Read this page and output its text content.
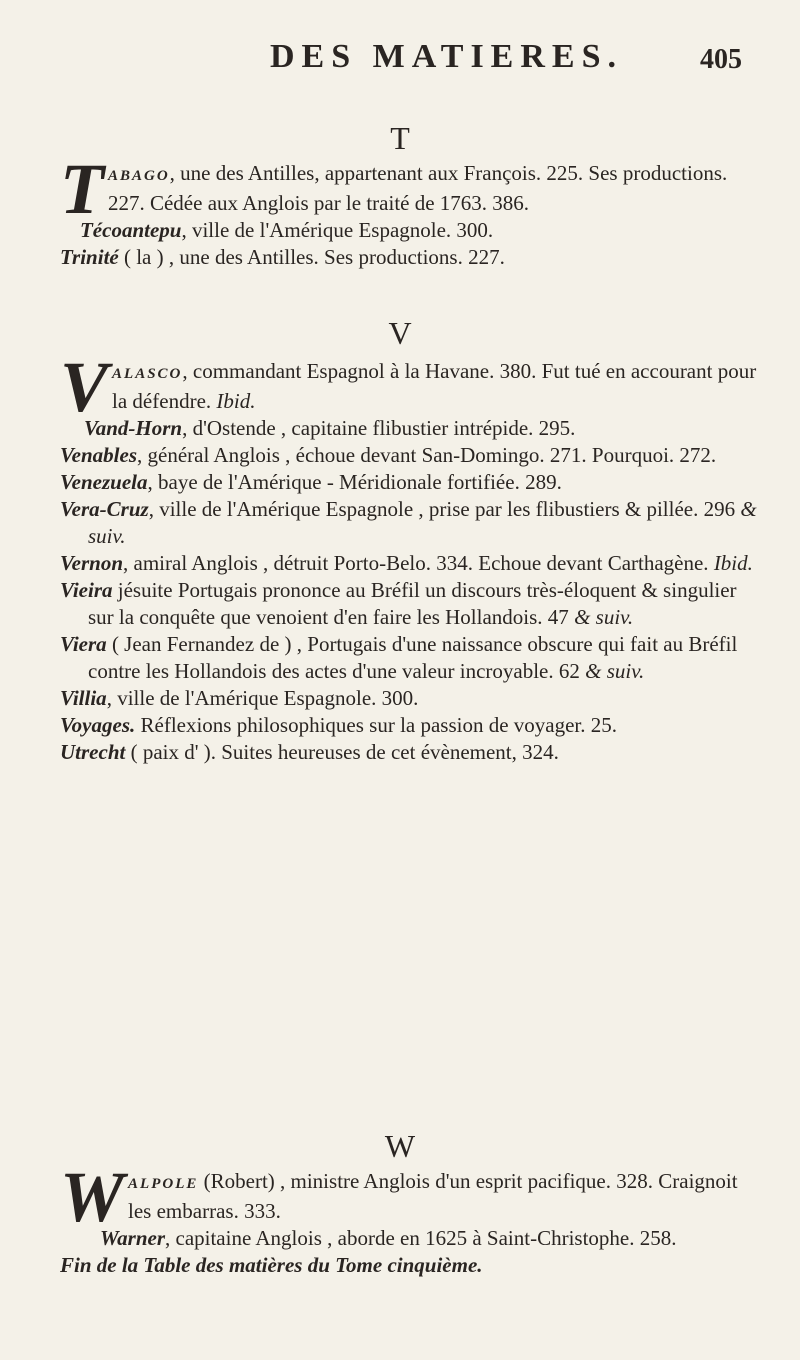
DES MATIERES.	405
T

TABAGO, une des Antilles, appartenant aux François. 225. Ses productions. 227. Cédée aux Anglois par le traité de 1763. 386.

Técoantepu, ville de l'Amérique Espagnole. 300.

Trinité ( la ) , une des Antilles. Ses productions. 227.

V

VALASCO, commandant Espagnol à la Havane. 380. Fut tué en accourant pour la défendre. Ibid.

Vand-Horn, d'Ostende , capitaine flibustier intrépide. 295.

Venables, général Anglois , échoue devant San-Domingo. 271. Pourquoi. 272.

Venezuela, baye de l'Amérique - Méridionale fortifiée. 289.

Vera-Cruz, ville de l'Amérique Espagnole , prise par les flibustiers & pillée. 296 & suiv.

Vernon, amiral Anglois , détruit Porto-Belo. 334. Echoue devant Carthagène. Ibid.

Vieira jésuite Portugais prononce au Bréfil un discours très-éloquent & singulier sur la conquête que venoient d'en faire les Hollandois. 47 & suiv.

Viera ( Jean Fernandez de ) , Portugais d'une naissance obscure qui fait au Bréfil contre les Hollandois des actes d'une valeur incroyable. 62 & suiv.

Villia, ville de l'Amérique Espagnole. 300.

Voyages. Réflexions philosophiques sur la passion de voyager. 25.

Utrecht ( paix d' ). Suites heureuses de cet évènement, 324.

W

WALPOLE (Robert) , ministre Anglois d'un esprit pacifique. 328. Craignoit les embarras. 333.

Warner, capitaine Anglois , aborde en 1625 à Saint-Christophe. 258.

Fin de la Table des matières du Tome cinquième.
